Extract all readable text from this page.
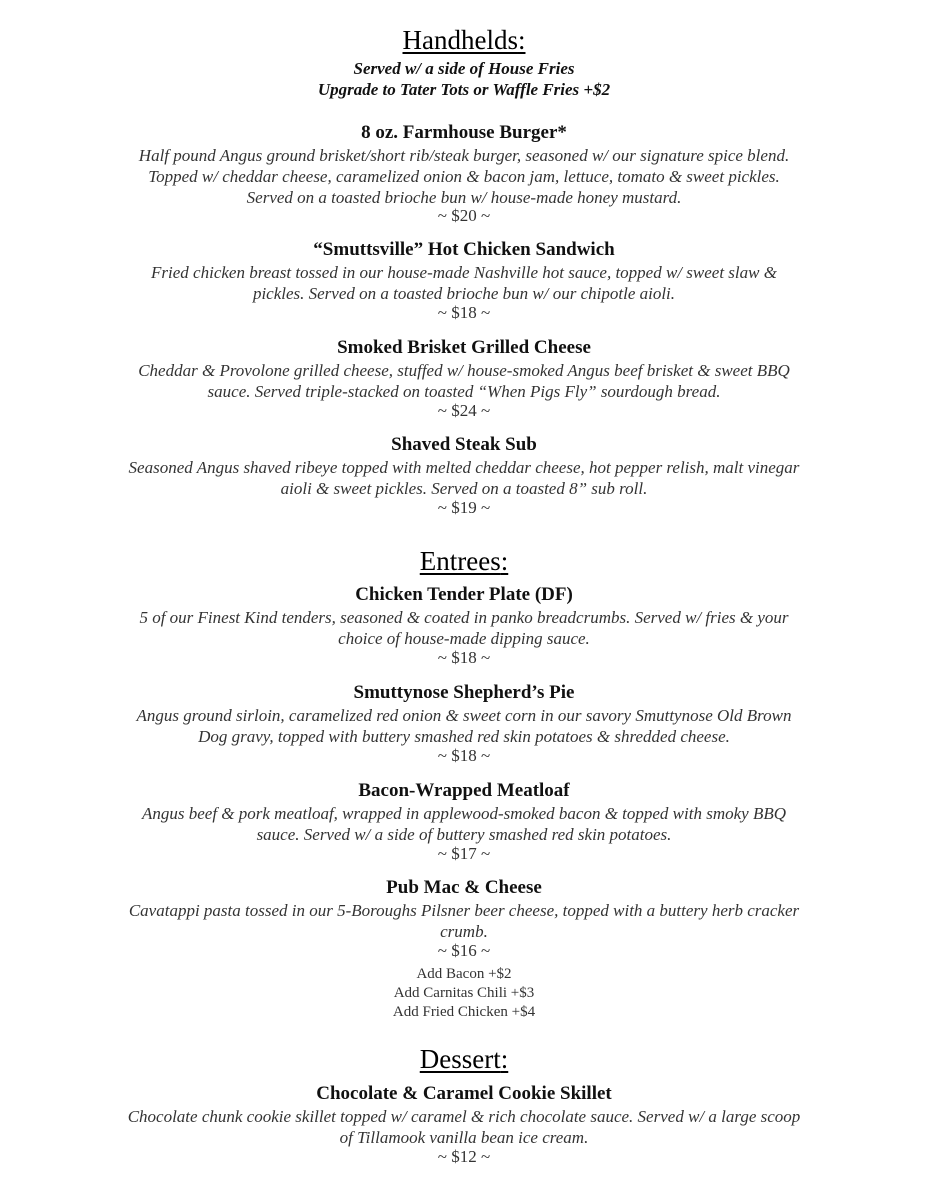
Handhelds:
Served w/ a side of House Fries
Upgrade to Tater Tots or Waffle Fries +$2
8 oz. Farmhouse Burger*
Half pound Angus ground brisket/short rib/steak burger, seasoned w/ our signature spice blend.
Topped w/ cheddar cheese, caramelized onion & bacon jam, lettuce, tomato & sweet pickles.
Served on a toasted brioche bun w/ house-made honey mustard.
~ $20 ~
“Smuttsville” Hot Chicken Sandwich
Fried chicken breast tossed in our house-made Nashville hot sauce, topped w/ sweet slaw &
pickles. Served on a toasted brioche bun w/ our chipotle aioli.
~ $18 ~
Smoked Brisket Grilled Cheese
Cheddar & Provolone grilled cheese, stuffed w/ house-smoked Angus beef brisket & sweet BBQ
sauce. Served triple-stacked on toasted “When Pigs Fly” sourdough bread.
~ $24 ~
Shaved Steak Sub
Seasoned Angus shaved ribeye topped with melted cheddar cheese, hot pepper relish, malt vinegar
aioli & sweet pickles. Served on a toasted 8” sub roll.
~ $19 ~
Entrees:
Chicken Tender Plate (DF)
5 of our Finest Kind tenders, seasoned & coated in panko breadcrumbs. Served w/ fries & your
choice of house-made dipping sauce.
~ $18 ~
Smuttynose Shepherd’s Pie
Angus ground sirloin, caramelized red onion & sweet corn in our savory Smuttynose Old Brown
Dog gravy, topped with buttery smashed red skin potatoes & shredded cheese.
~ $18 ~
Bacon-Wrapped Meatloaf
Angus beef & pork meatloaf, wrapped in applewood-smoked bacon & topped with smoky BBQ
sauce. Served w/ a side of buttery smashed red skin potatoes.
~ $17 ~
Pub Mac & Cheese
Cavatappi pasta tossed in our 5-Boroughs Pilsner beer cheese, topped with a buttery herb cracker
crumb.
~ $16 ~
Add Bacon +$2
Add Carnitas Chili +$3
Add Fried Chicken +$4
Dessert:
Chocolate & Caramel Cookie Skillet
Chocolate chunk cookie skillet topped w/ caramel & rich chocolate sauce. Served w/ a large scoop
of Tillamook vanilla bean ice cream.
~ $12 ~
